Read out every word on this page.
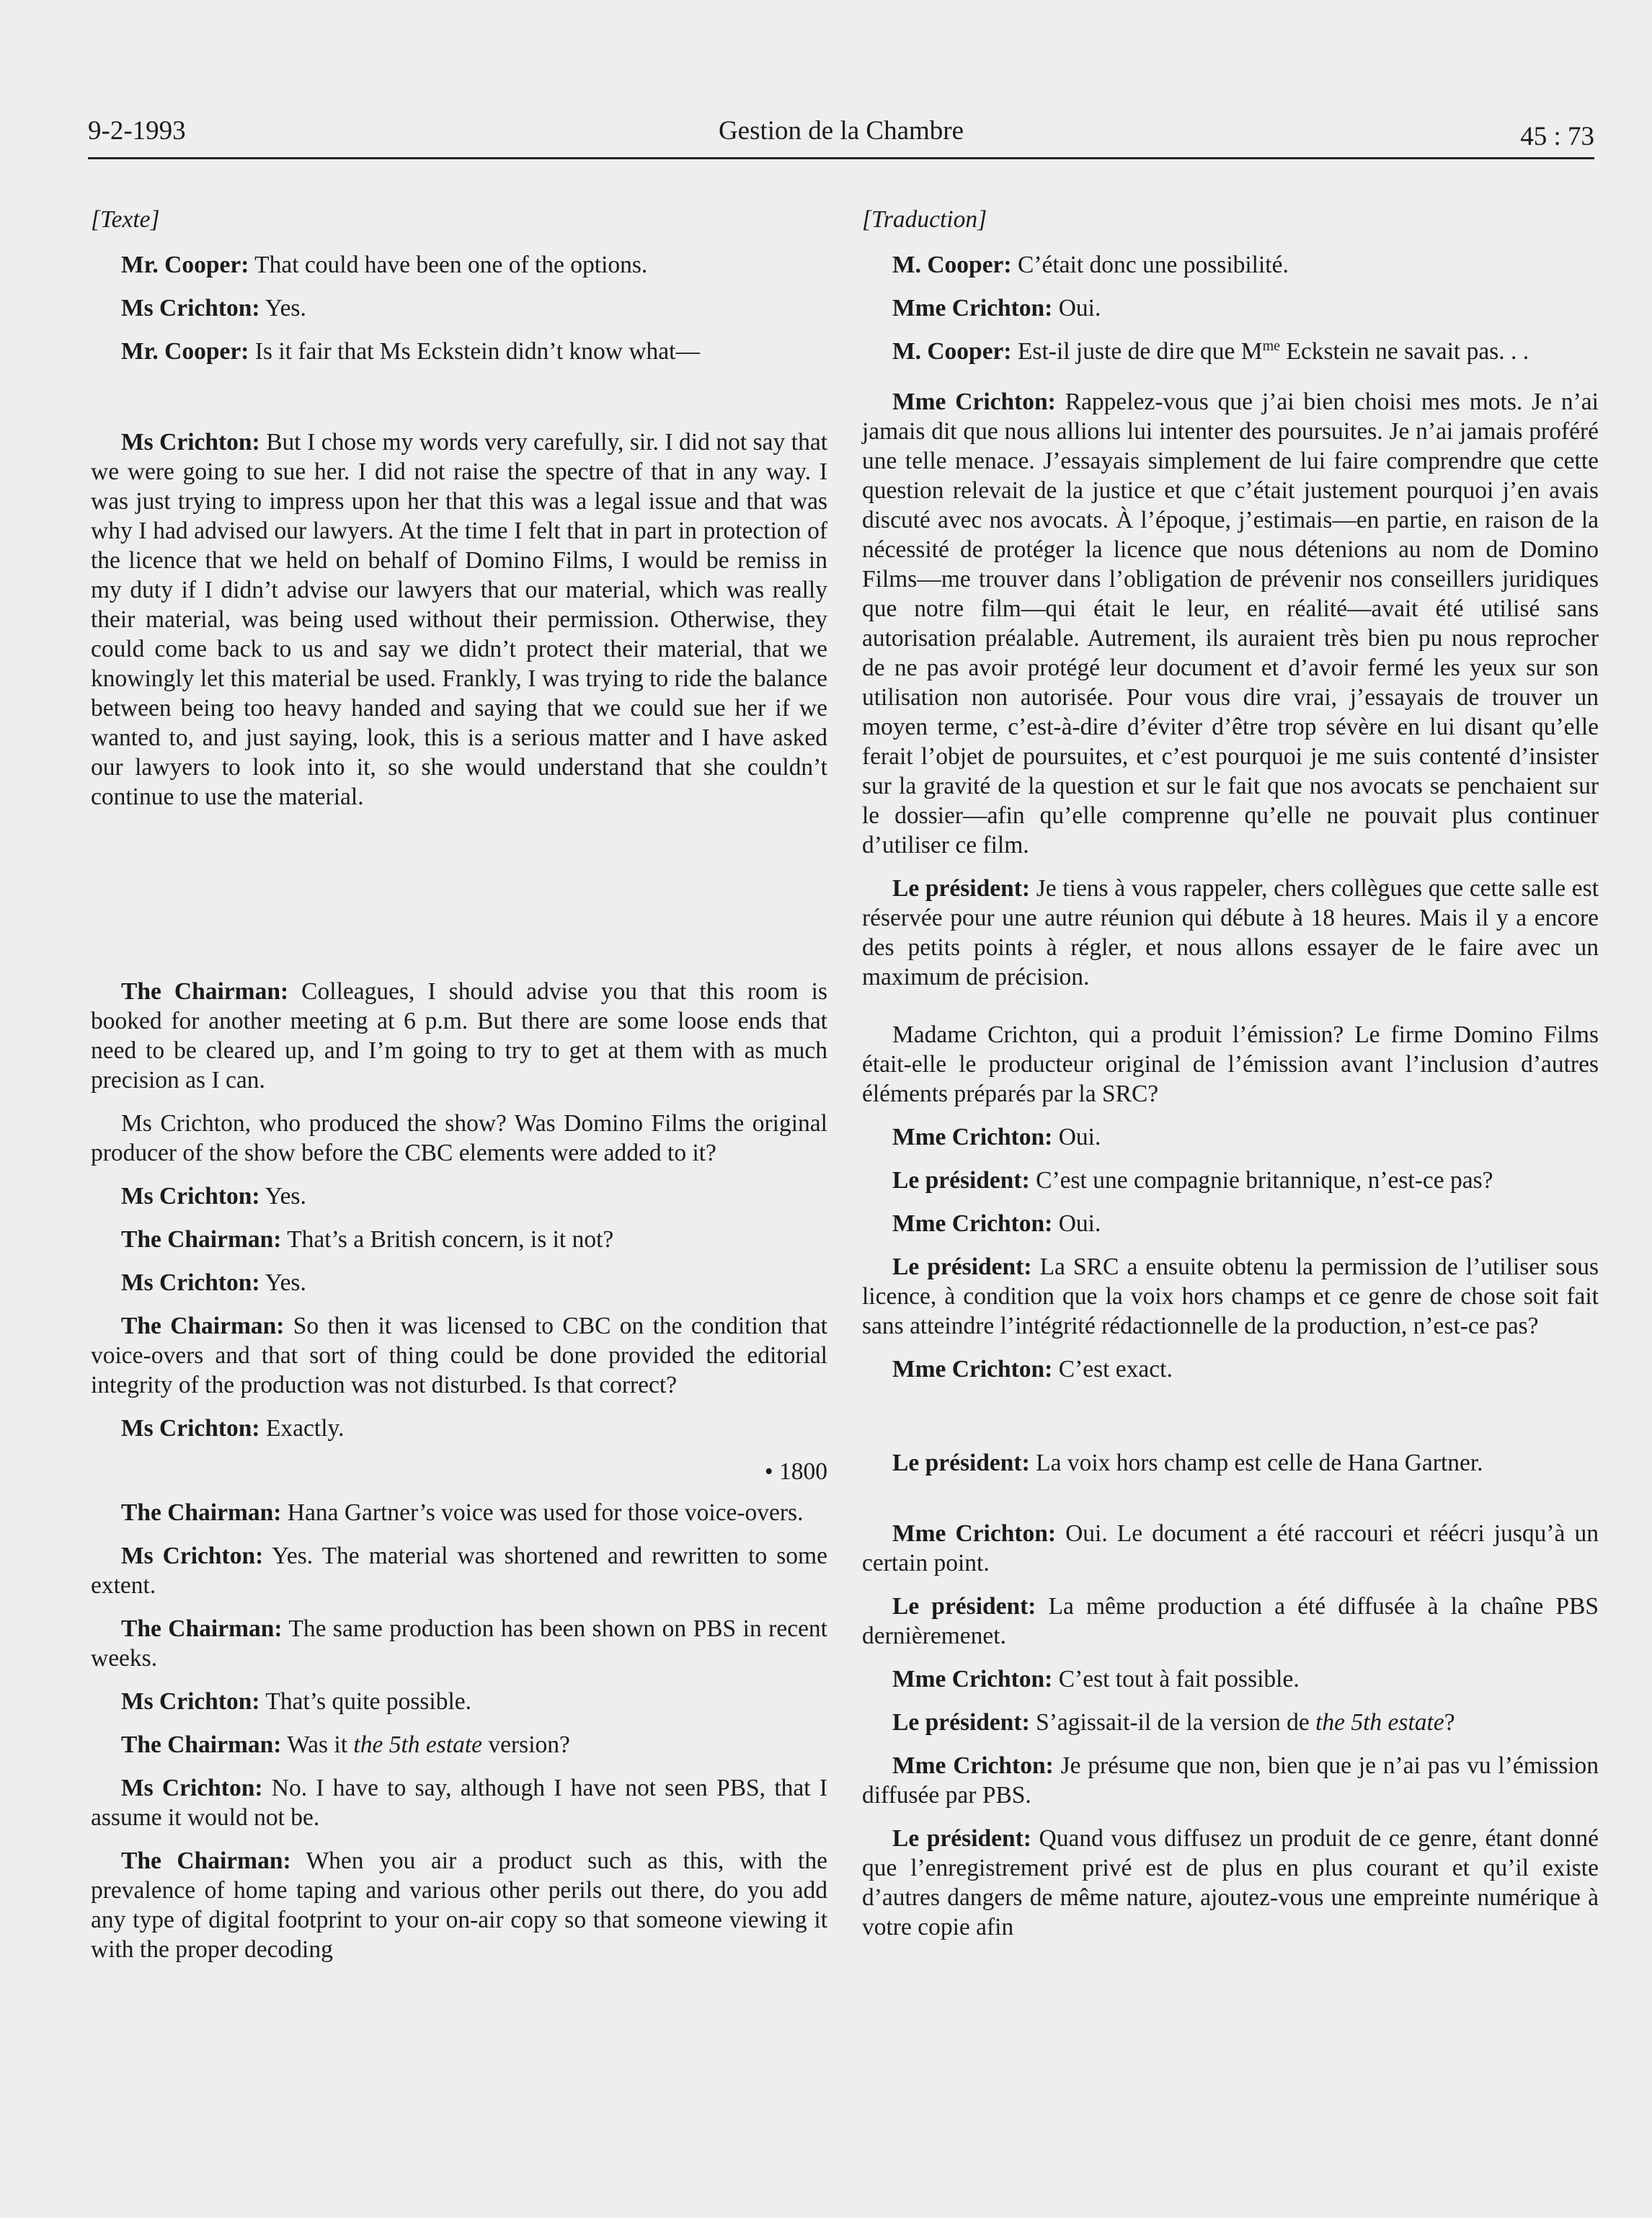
9-2-1993	Gestion de la Chambre	45 : 73

[Texte]

Mr. Cooper: That could have been one of the options.

Ms Crichton: Yes.

Mr. Cooper: Is it fair that Ms Eckstein didn’t know what—

Ms Crichton: But I chose my words very carefully, sir. I did not say that we were going to sue her. I did not raise the spectre of that in any way. I was just trying to impress upon her that this was a legal issue and that was why I had advised our lawyers. At the time I felt that in part in protection of the licence that we held on behalf of Domino Films, I would be remiss in my duty if I didn’t advise our lawyers that our material, which was really their material, was being used without their permission. Otherwise, they could come back to us and say we didn’t protect their material, that we knowingly let this material be used. Frankly, I was trying to ride the balance between being too heavy handed and saying that we could sue her if we wanted to, and just saying, look, this is a serious matter and I have asked our lawyers to look into it, so she would understand that she couldn’t continue to use the material.

The Chairman: Colleagues, I should advise you that this room is booked for another meeting at 6 p.m. But there are some loose ends that need to be cleared up, and I’m going to try to get at them with as much precision as I can.

Ms Crichton, who produced the show? Was Domino Films the original producer of the show before the CBC elements were added to it?

Ms Crichton: Yes.

The Chairman: That’s a British concern, is it not?

Ms Crichton: Yes.

The Chairman: So then it was licensed to CBC on the condition that voice-overs and that sort of thing could be done provided the editorial integrity of the production was not disturbed. Is that correct?

Ms Crichton: Exactly.

• 1800

The Chairman: Hana Gartner’s voice was used for those voice-overs.

Ms Crichton: Yes. The material was shortened and rewritten to some extent.

The Chairman: The same production has been shown on PBS in recent weeks.

Ms Crichton: That’s quite possible.

The Chairman: Was it the 5th estate version?

Ms Crichton: No. I have to say, although I have not seen PBS, that I assume it would not be.

The Chairman: When you air a product such as this, with the prevalence of home taping and various other perils out there, do you add any type of digital footprint to your on-air copy so that someone viewing it with the proper decoding

[Traduction]

M. Cooper: C’était donc une possibilité.

Mme Crichton: Oui.

M. Cooper: Est-il juste de dire que $M^{me}$ Eckstein ne savait pas. . .

Mme Crichton: Rappelez-vous que j’ai bien choisi mes mots. Je n’ai jamais dit que nous allions lui intenter des poursuites. Je n’ai jamais proféré une telle menace. J’essayais simplement de lui faire comprendre que cette question relevait de la justice et que c’était justement pourquoi j’en avais discuté avec nos avocats. À l’époque, j’estimais—en partie, en raison de la nécessité de protéger la licence que nous détenions au nom de Domino Films—me trouver dans l’obligation de prévenir nos conseillers juridiques que notre film—qui était le leur, en réalité—avait été utilisé sans autorisation préalable. Autrement, ils auraient très bien pu nous reprocher de ne pas avoir protégé leur document et d’avoir fermé les yeux sur son utilisation non autorisée. Pour vous dire vrai, j’essayais de trouver un moyen terme, c’est-à-dire d’éviter d’être trop sévère en lui disant qu’elle ferait l’objet de poursuites, et c’est pourquoi je me suis contenté d’insister sur la gravité de la question et sur le fait que nos avocats se penchaient sur le dossier—afin qu’elle comprenne qu’elle ne pouvait plus continuer d’utiliser ce film.

Le président: Je tiens à vous rappeler, chers collègues que cette salle est réservée pour une autre réunion qui débute à 18 heures. Mais il y a encore des petits points à régler, et nous allons essayer de le faire avec un maximum de précision.

Madame Crichton, qui a produit l’émission? Le firme Domino Films était-elle le producteur original de l’émission avant l’inclusion d’autres éléments préparés par la SRC?

Mme Crichton: Oui.

Le président: C’est une compagnie britannique, n’est-ce pas?

Mme Crichton: Oui.

Le président: La SRC a ensuite obtenu la permission de l’utiliser sous licence, à condition que la voix hors champs et ce genre de chose soit fait sans atteindre l’intégrité rédactionnelle de la production, n’est-ce pas?

Mme Crichton: C’est exact.

Le président: La voix hors champ est celle de Hana Gartner.

Mme Crichton: Oui. Le document a été raccouri et réécri jusqu’à un certain point.

Le président: La même production a été diffusée à la chaîne PBS dernièremenet.

Mme Crichton: C’est tout à fait possible.

Le président: S’agissait-il de la version de the 5th estate?

Mme Crichton: Je présume que non, bien que je n’ai pas vu l’émission diffusée par PBS.

Le président: Quand vous diffusez un produit de ce genre, étant donné que l’enregistrement privé est de plus en plus courant et qu’il existe d’autres dangers de même nature, ajoutez-vous une empreinte numérique à votre copie afin
